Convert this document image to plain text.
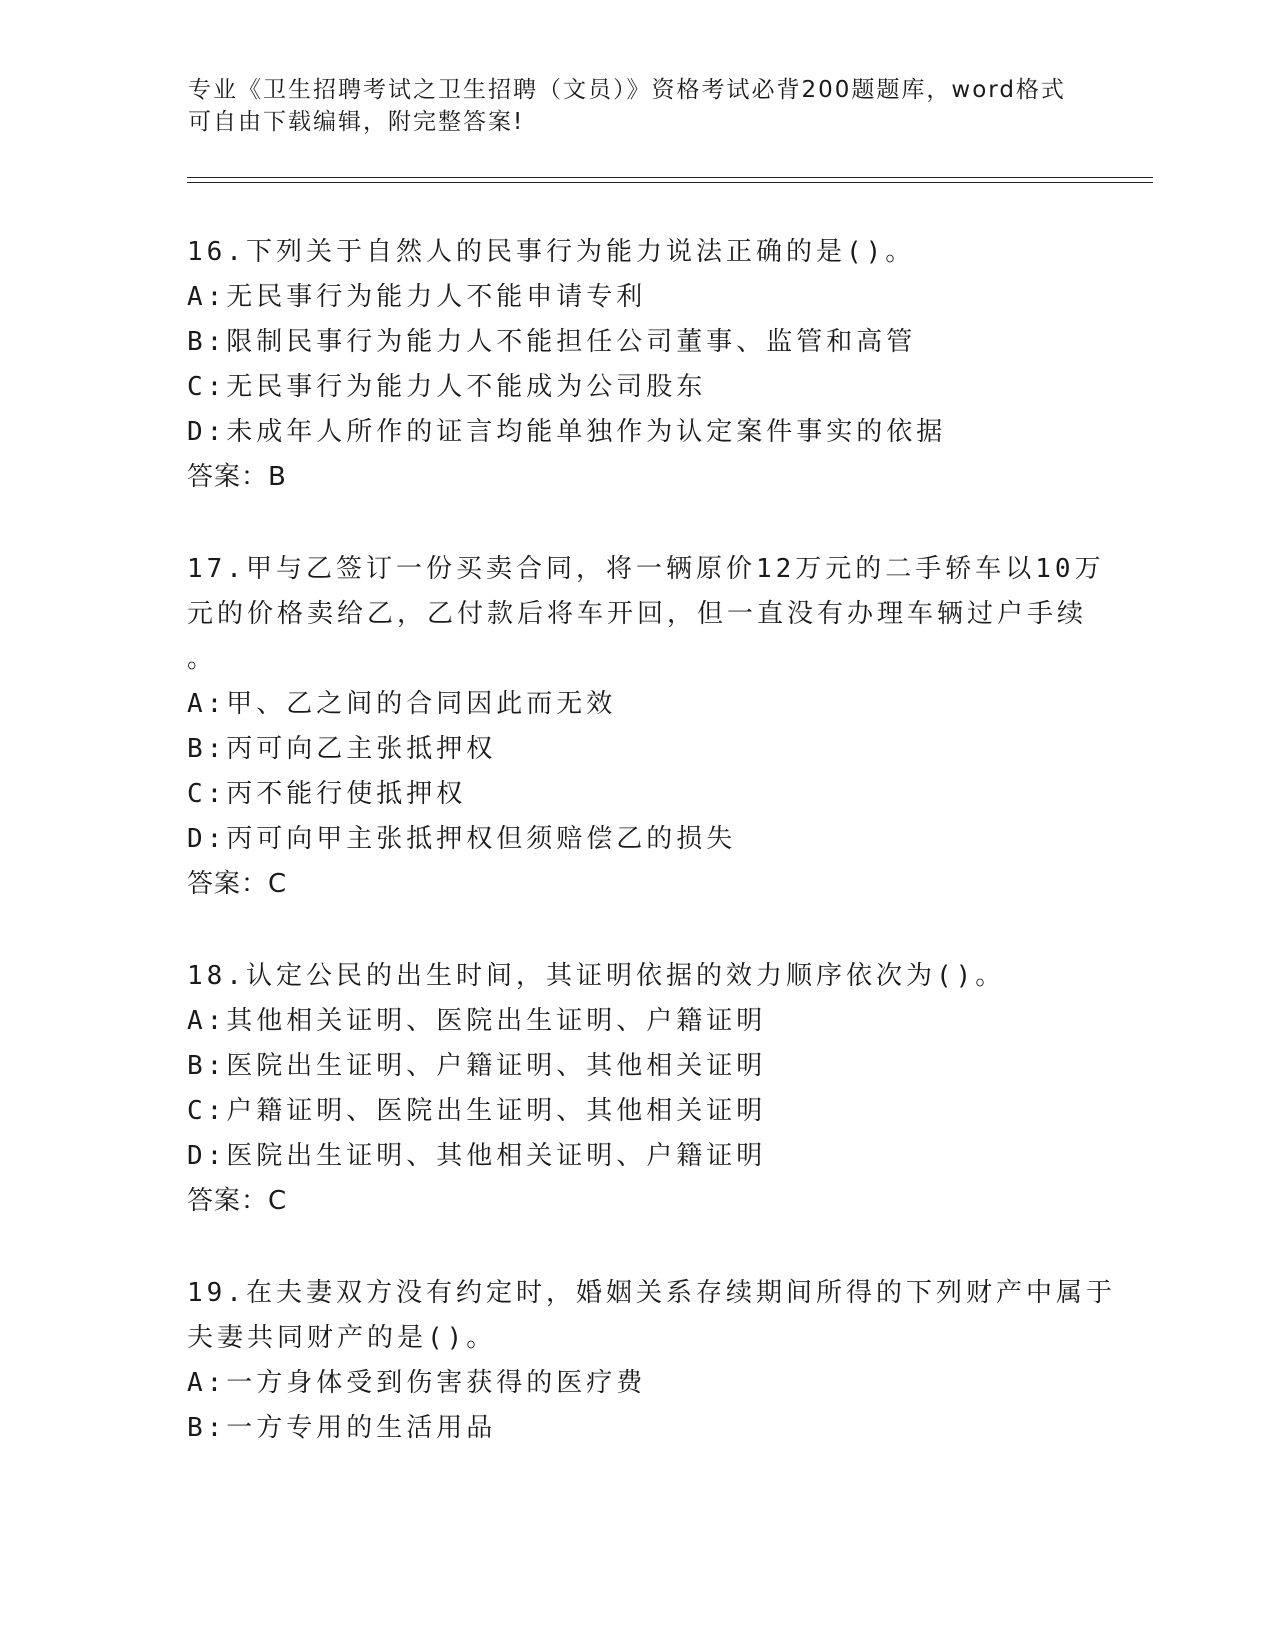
专业《卫生招聘考试之卫生招聘（文员）》资格考试必背200题题库，word格式
可自由下载编辑，附完整答案!
16.下列关于自然人的民事行为能力说法正确的是()。
A:无民事行为能力人不能申请专利
B:限制民事行为能力人不能担任公司董事、监管和高管
C:无民事行为能力人不能成为公司股东
D:未成年人所作的证言均能单独作为认定案件事实的依据
答案：B
17.甲与乙签订一份买卖合同，将一辆原价12万元的二手轿车以10万
元的价格卖给乙，乙付款后将车开回，但一直没有办理车辆过户手续
。
A:甲、乙之间的合同因此而无效
B:丙可向乙主张抵押权
C:丙不能行使抵押权
D:丙可向甲主张抵押权但须赔偿乙的损失
答案：C
18.认定公民的出生时间，其证明依据的效力顺序依次为()。
A:其他相关证明、医院出生证明、户籍证明
B:医院出生证明、户籍证明、其他相关证明
C:户籍证明、医院出生证明、其他相关证明
D:医院出生证明、其他相关证明、户籍证明
答案：C
19.在夫妻双方没有约定时，婚姻关系存续期间所得的下列财产中属于
夫妻共同财产的是()。
A:一方身体受到伤害获得的医疗费
B:一方专用的生活用品
